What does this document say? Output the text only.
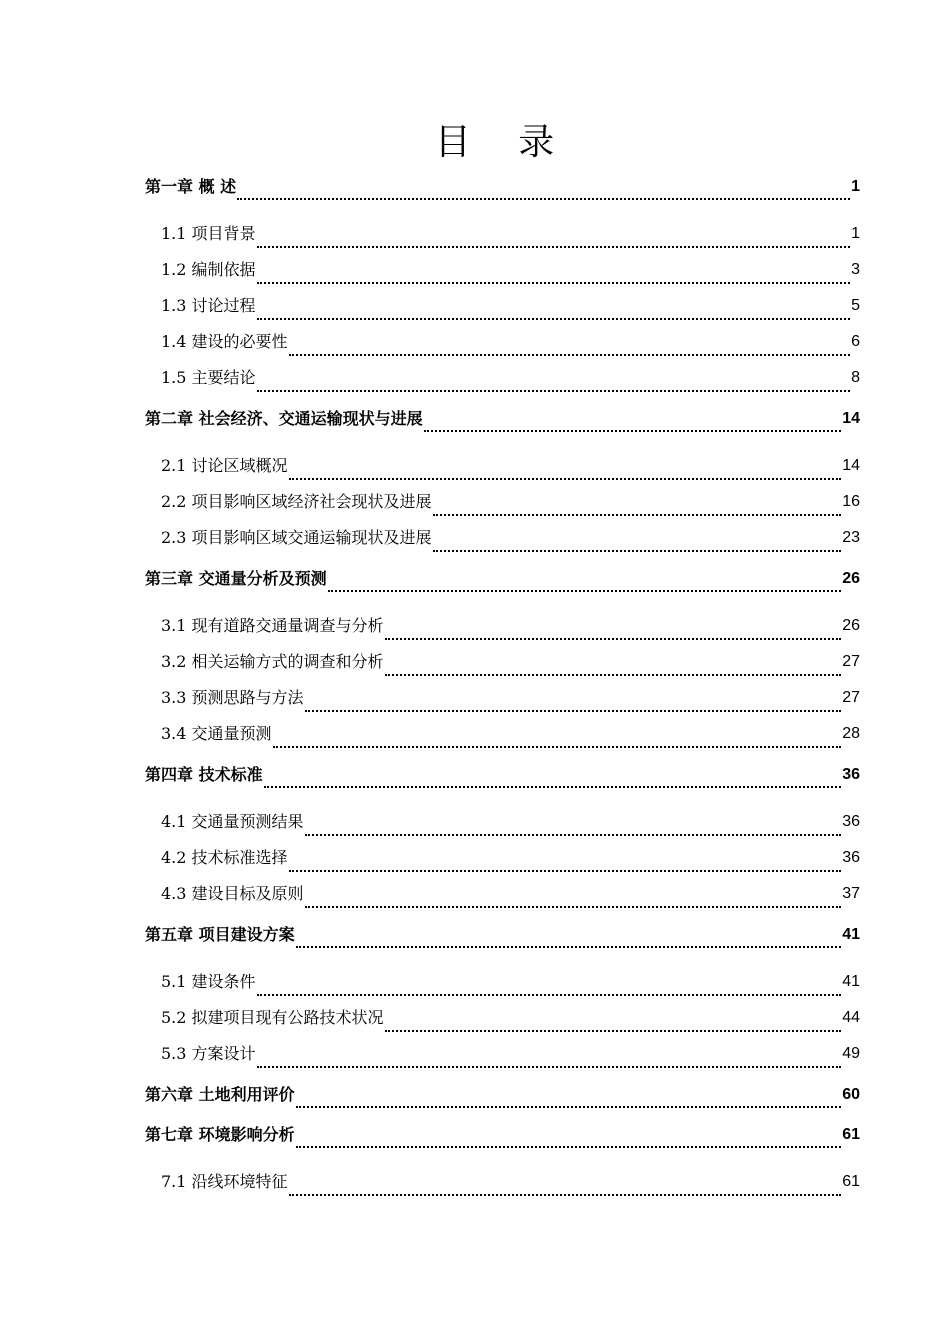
目 录
第一章 概 述	1
1.1 项目背景	1
1.2 编制依据	3
1.3 讨论过程	5
1.4 建设的必要性	6
1.5 主要结论	8
第二章 社会经济、交通运输现状与进展	14
2.1 讨论区域概况	14
2.2 项目影响区域经济社会现状及进展	16
2.3 项目影响区域交通运输现状及进展	23
第三章 交通量分析及预测	26
3.1 现有道路交通量调查与分析	26
3.2 相关运输方式的调查和分析	27
3.3 预测思路与方法	27
3.4 交通量预测	28
第四章 技术标准	36
4.1 交通量预测结果	36
4.2 技术标准选择	36
4.3 建设目标及原则	37
第五章 项目建设方案	41
5.1 建设条件	41
5.2 拟建项目现有公路技术状况	44
5.3 方案设计	49
第六章 土地利用评价	60
第七章 环境影响分析	61
7.1 沿线环境特征	61
